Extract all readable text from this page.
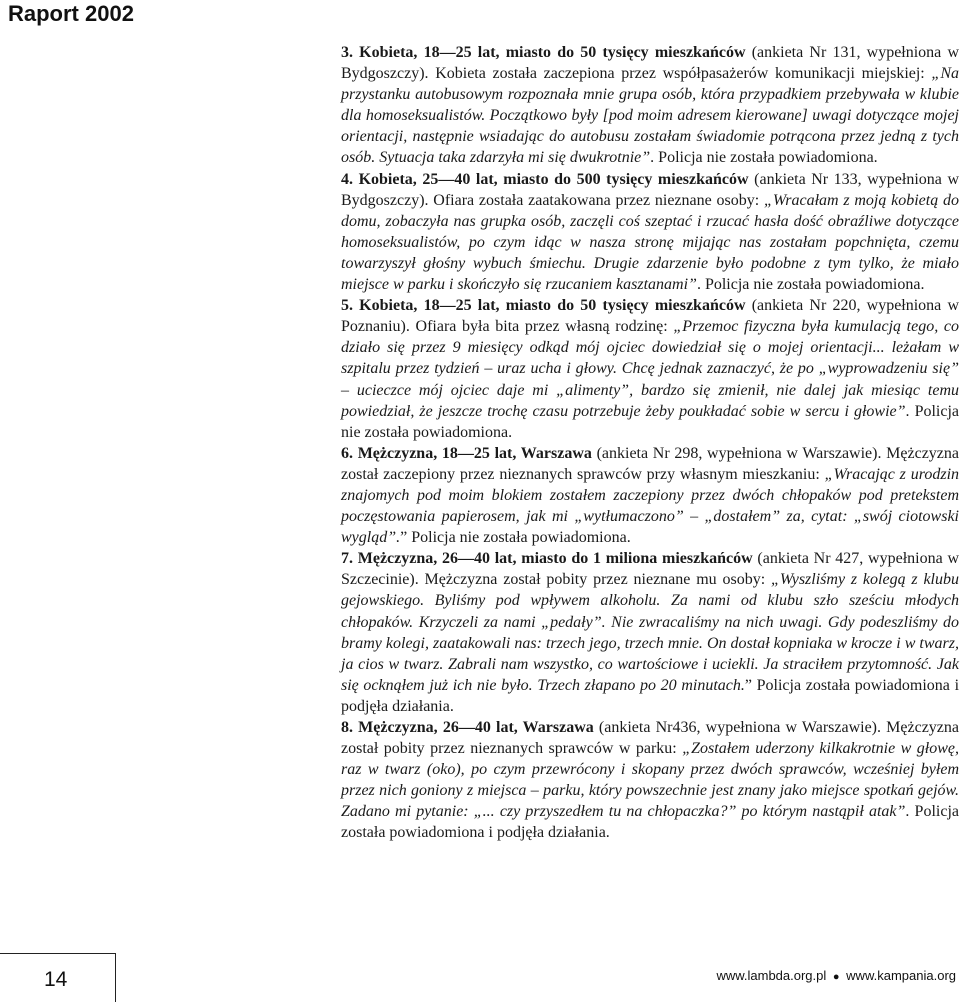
Raport 2002

3. Kobieta, 18—25 lat, miasto do 50 tysięcy mieszkańców (ankieta Nr 131, wypełniona w Bydgoszczy). Kobieta została zaczepiona przez współpasażerów komunikacji miejskiej: „Na przystanku autobusowym rozpoznała mnie grupa osób, która przypadkiem przebywała w klubie dla homoseksualistów. Początkowo były [pod moim adresem kierowane] uwagi dotyczące mojej orientacji, następnie wsiadając do autobusu zostałam świadomie potrącona przez jedną z tych osób. Sytuacja taka zdarzyła mi się dwukrotnie”. Policja nie została powiadomiona.

4. Kobieta, 25—40 lat, miasto do 500 tysięcy mieszkańców (ankieta Nr 133, wypełniona w Bydgoszczy). Ofiara została zaatakowana przez nieznane osoby: „Wracałam z moją kobietą do domu, zobaczyła nas grupka osób, zaczęli coś szeptać i rzucać hasła dość obraźliwe dotyczące homoseksualistów, po czym idąc w nasza stronę mijając nas zostałam popchnięta, czemu towarzyszył głośny wybuch śmiechu. Drugie zdarzenie było podobne z tym tylko, że miało miejsce w parku i skończyło się rzucaniem kasztanami”. Policja nie została powiadomiona.

5. Kobieta, 18—25 lat, miasto do 50 tysięcy mieszkańców (ankieta Nr 220, wypełniona w Poznaniu). Ofiara była bita przez własną rodzinę: „Przemoc fizyczna była kumulacją tego, co działo się przez 9 miesięcy odkąd mój ojciec dowiedział się o mojej orientacji... leżałam w szpitalu przez tydzień – uraz ucha i głowy. Chcę jednak zaznaczyć, że po „wyprowadzeniu się” – ucieczce mój ojciec daje mi „alimenty”, bardzo się zmienił, nie dalej jak miesiąc temu powiedział, że jeszcze trochę czasu potrzebuje żeby poukładać sobie w sercu i głowie”. Policja nie została powiadomiona.

6. Mężczyzna, 18—25 lat, Warszawa (ankieta Nr 298, wypełniona w Warszawie). Mężczyzna został zaczepiony przez nieznanych sprawców przy własnym mieszkaniu: „Wracając z urodzin znajomych pod moim blokiem zostałem zaczepiony przez dwóch chłopaków pod pretekstem poczęstowania papierosem, jak mi „wytłumaczono” – „dostałem” za, cytat: „swój ciotowski wygląd”.” Policja nie została powiadomiona.

7. Mężczyzna, 26—40 lat, miasto do 1 miliona mieszkańców (ankieta Nr 427, wypełniona w Szczecinie). Mężczyzna został pobity przez nieznane mu osoby: „Wyszliśmy z kolegą z klubu gejowskiego. Byliśmy pod wpływem alkoholu. Za nami od klubu szło sześciu młodych chłopaków. Krzyczeli za nami „pedały”. Nie zwracaliśmy na nich uwagi. Gdy podeszliśmy do bramy kolegi, zaatakowali nas: trzech jego, trzech mnie. On dostał kopniaka w krocze i w twarz, ja cios w twarz. Zabrali nam wszystko, co wartościowe i uciekli. Ja straciłem przytomność. Jak się ocknąłem już ich nie było. Trzech złapano po 20 minutach.” Policja została powiadomiona i podjęła działania.

8. Mężczyzna, 26—40 lat, Warszawa (ankieta Nr436, wypełniona w Warszawie). Mężczyzna został pobity przez nieznanych sprawców w parku: „Zostałem uderzony kilkakrotnie w głowę, raz w twarz (oko), po czym przewrócony i skopany przez dwóch sprawców, wcześniej byłem przez nich goniony z miejsca – parku, który powszechnie jest znany jako miejsce spotkań gejów. Zadano mi pytanie: „... czy przyszedłem tu na chłopaczka?” po którym nastąpił atak”. Policja została powiadomiona i podjęła działania.

14	www.lambda.org.pl ● www.kampania.org
